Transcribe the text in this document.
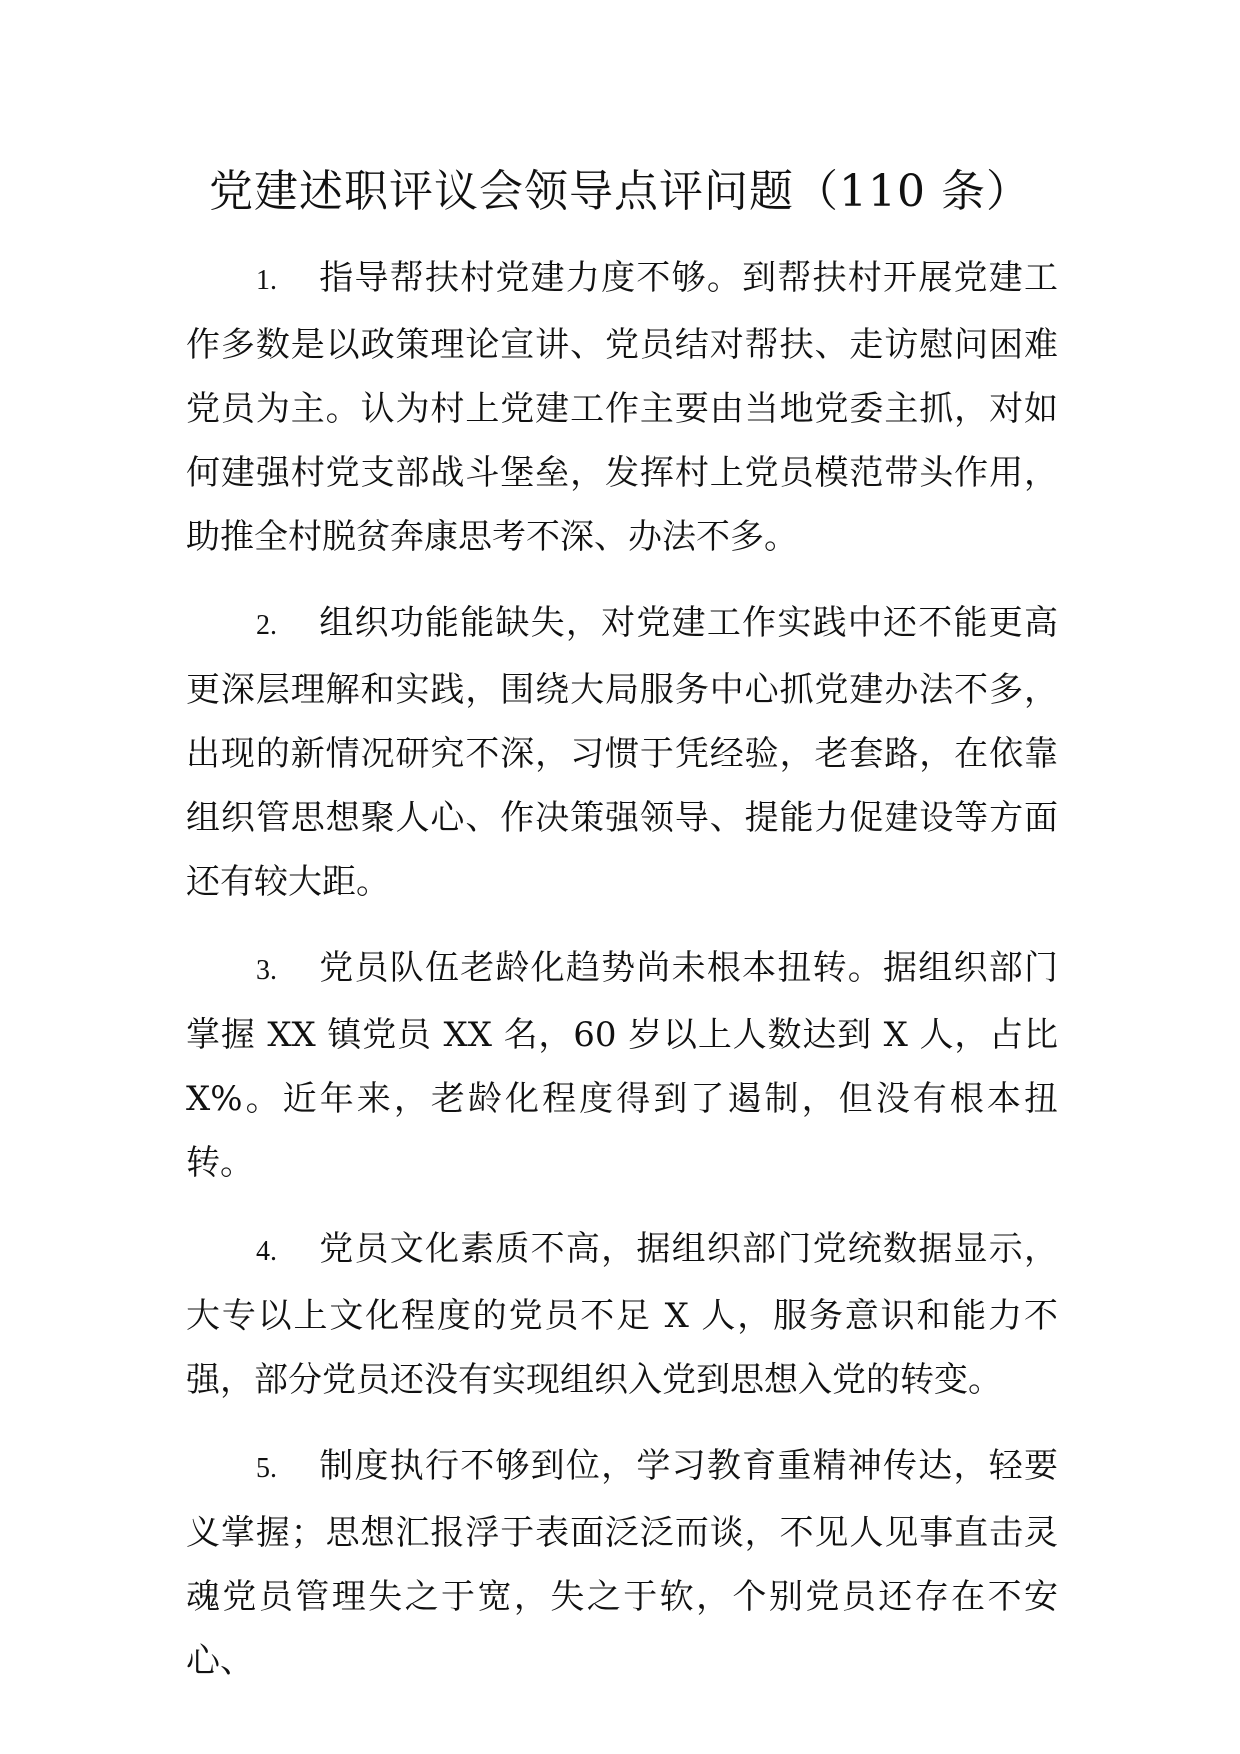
党建述职评议会领导点评问题（110 条）

1. 指导帮扶村党建力度不够。到帮扶村开展党建工作多数是以政策理论宣讲、党员结对帮扶、走访慰问困难党员为主。认为村上党建工作主要由当地党委主抓，对如何建强村党支部战斗堡垒，发挥村上党员模范带头作用，助推全村脱贫奔康思考不深、办法不多。

2. 组织功能能缺失，对党建工作实践中还不能更高更深层理解和实践，围绕大局服务中心抓党建办法不多，出现的新情况研究不深，习惯于凭经验，老套路，在依靠组织管思想聚人心、作决策强领导、提能力促建设等方面还有较大距。

3. 党员队伍老龄化趋势尚未根本扭转。据组织部门掌握 XX 镇党员 XX 名，60 岁以上人数达到 X 人，占比 X%。近年来，老龄化程度得到了遏制，但没有根本扭转。

4. 党员文化素质不高，据组织部门党统数据显示，大专以上文化程度的党员不足 X 人，服务意识和能力不强，部分党员还没有实现组织入党到思想入党的转变。

5. 制度执行不够到位，学习教育重精神传达，轻要义掌握；思想汇报浮于表面泛泛而谈，不见人见事直击灵魂党员管理失之于宽，失之于软，个别党员还存在不安心、
